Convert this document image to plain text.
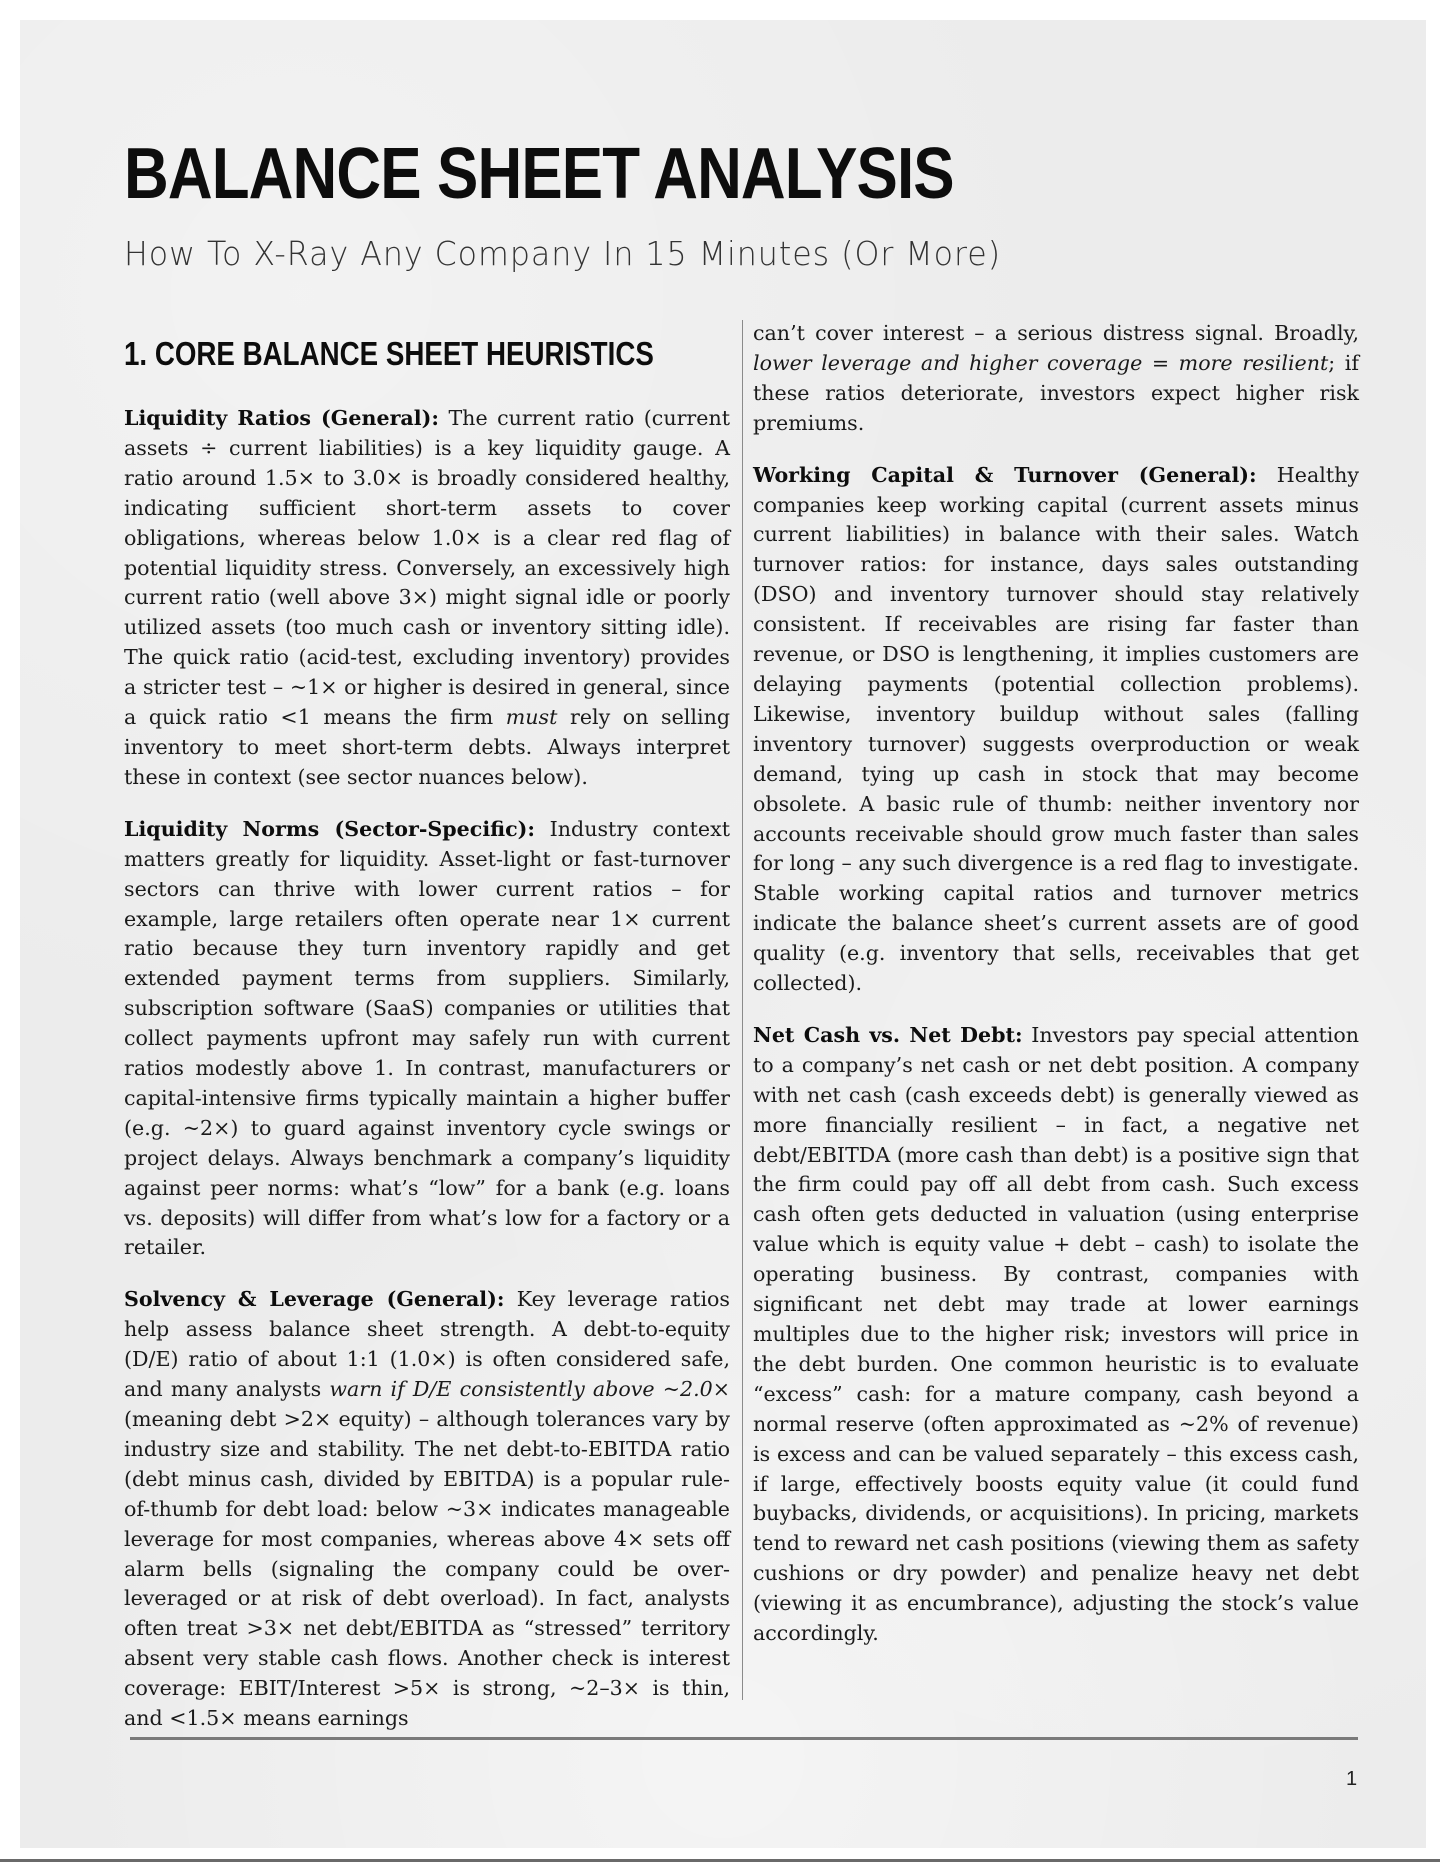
BALANCE SHEET ANALYSIS
How To X-Ray Any Company In 15 Minutes (Or More)
1. CORE BALANCE SHEET HEURISTICS

Liquidity Ratios (General): The current ratio (current assets ÷ current liabilities) is a key liquidity gauge. A ratio around 1.5× to 3.0× is broadly considered healthy, indicating sufficient short-term assets to cover obligations, whereas below 1.0× is a clear red flag of potential liquidity stress. Conversely, an excessively high current ratio (well above 3×) might signal idle or poorly utilized assets (too much cash or inventory sitting idle). The quick ratio (acid-test, excluding inventory) provides a stricter test – ~1× or higher is desired in general, since a quick ratio <1 means the firm must rely on selling inventory to meet short-term debts. Always interpret these in context (see sector nuances below).

Liquidity Norms (Sector-Specific): Industry context matters greatly for liquidity. Asset-light or fast-turnover sectors can thrive with lower current ratios – for example, large retailers often operate near 1× current ratio because they turn inventory rapidly and get extended payment terms from suppliers. Similarly, subscription software (SaaS) companies or utilities that collect payments upfront may safely run with current ratios modestly above 1. In contrast, manufacturers or capital-intensive firms typically maintain a higher buffer (e.g. ~2×) to guard against inventory cycle swings or project delays. Always benchmark a company’s liquidity against peer norms: what’s “low” for a bank (e.g. loans vs. deposits) will differ from what’s low for a factory or a retailer.

Solvency & Leverage (General): Key leverage ratios help assess balance sheet strength. A debt-to-equity (D/E) ratio of about 1:1 (1.0×) is often considered safe, and many analysts warn if D/E consistently above ~2.0× (meaning debt >2× equity) – although tolerances vary by industry size and stability. The net debt-to-EBITDA ratio (debt minus cash, divided by EBITDA) is a popular rule-of-thumb for debt load: below ~3× indicates manageable leverage for most companies, whereas above 4× sets off alarm bells (signaling the company could be over-leveraged or at risk of debt overload). In fact, analysts often treat >3× net debt/EBITDA as “stressed” territory absent very stable cash flows. Another check is interest coverage: EBIT/Interest >5× is strong, ~2–3× is thin, and <1.5× means earnings

can’t cover interest – a serious distress signal. Broadly, lower leverage and higher coverage = more resilient; if these ratios deteriorate, investors expect higher risk premiums.

Working Capital & Turnover (General): Healthy companies keep working capital (current assets minus current liabilities) in balance with their sales. Watch turnover ratios: for instance, days sales outstanding (DSO) and inventory turnover should stay relatively consistent. If receivables are rising far faster than revenue, or DSO is lengthening, it implies customers are delaying payments (potential collection problems). Likewise, inventory buildup without sales (falling inventory turnover) suggests overproduction or weak demand, tying up cash in stock that may become obsolete. A basic rule of thumb: neither inventory nor accounts receivable should grow much faster than sales for long – any such divergence is a red flag to investigate. Stable working capital ratios and turnover metrics indicate the balance sheet’s current assets are of good quality (e.g. inventory that sells, receivables that get collected).

Net Cash vs. Net Debt: Investors pay special attention to a company’s net cash or net debt position. A company with net cash (cash exceeds debt) is generally viewed as more financially resilient – in fact, a negative net debt/EBITDA (more cash than debt) is a positive sign that the firm could pay off all debt from cash. Such excess cash often gets deducted in valuation (using enterprise value which is equity value + debt – cash) to isolate the operating business. By contrast, companies with significant net debt may trade at lower earnings multiples due to the higher risk; investors will price in the debt burden. One common heuristic is to evaluate “excess” cash: for a mature company, cash beyond a normal reserve (often approximated as ~2% of revenue) is excess and can be valued separately – this excess cash, if large, effectively boosts equity value (it could fund buybacks, dividends, or acquisitions). In pricing, markets tend to reward net cash positions (viewing them as safety cushions or dry powder) and penalize heavy net debt (viewing it as encumbrance), adjusting the stock’s value accordingly.

1
